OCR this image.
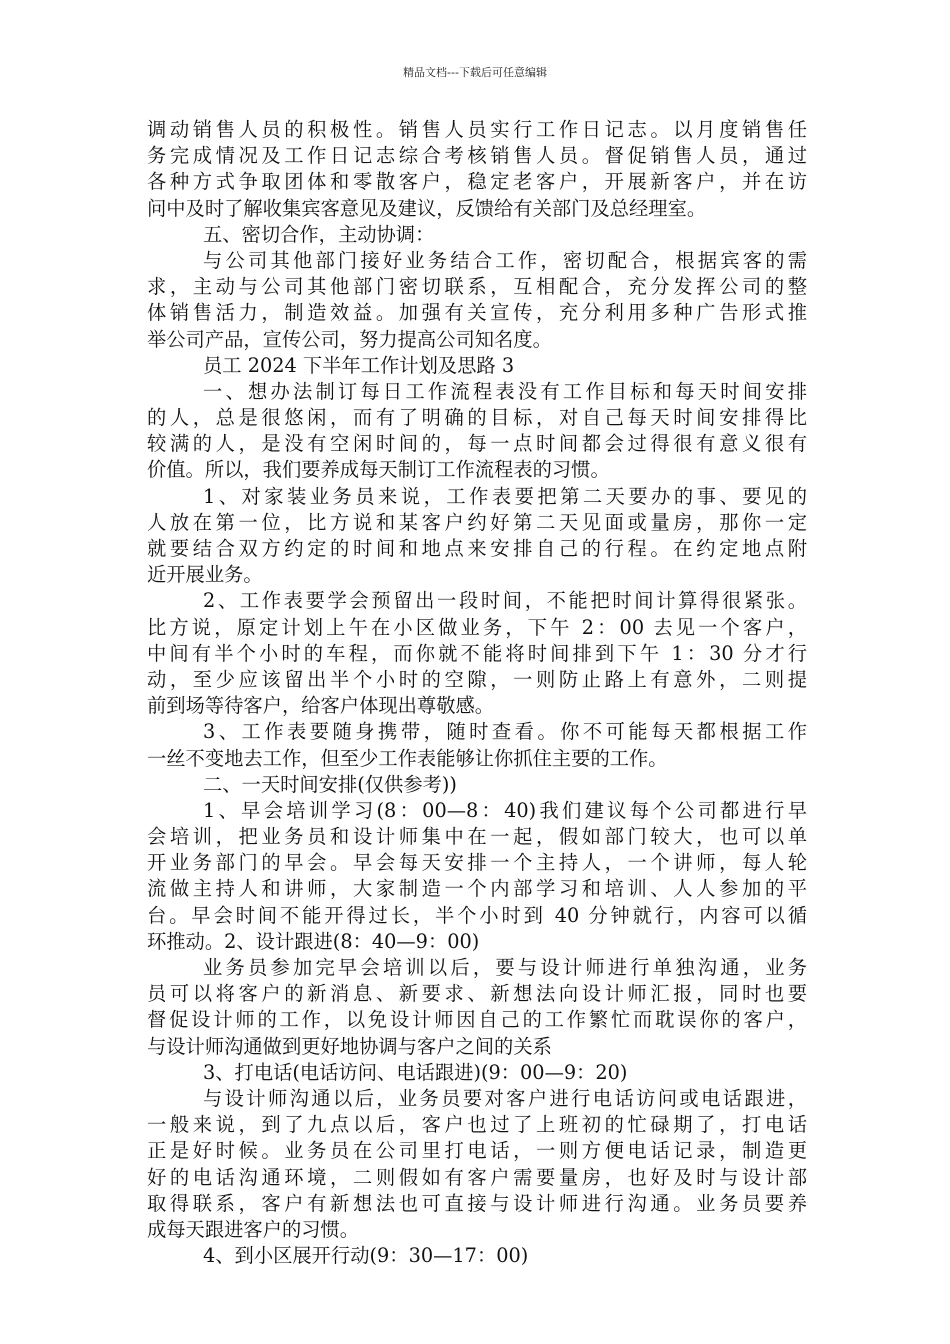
精品文档---下载后可任意编辑
调动销售人员的积极性。销售人员实行工作日记志。以月度销售任
务完成情况及工作日记志综合考核销售人员。督促销售人员，通过
各种方式争取团体和零散客户，稳定老客户，开展新客户，并在访
问中及时了解收集宾客意见及建议，反馈给有关部门及总经理室。
五、密切合作，主动协调：
与公司其他部门接好业务结合工作，密切配合，根据宾客的需
求，主动与公司其他部门密切联系，互相配合，充分发挥公司的整
体销售活力，制造效益。加强有关宣传，充分利用多种广告形式推
举公司产品，宣传公司，努力提高公司知名度。
员工 2024 下半年工作计划及思路 3
一、想办法制订每日工作流程表没有工作目标和每天时间安排
的人，总是很悠闲，而有了明确的目标，对自己每天时间安排得比
较满的人，是没有空闲时间的，每一点时间都会过得很有意义很有
价值。所以，我们要养成每天制订工作流程表的习惯。
1、对家装业务员来说，工作表要把第二天要办的事、要见的
人放在第一位，比方说和某客户约好第二天见面或量房，那你一定
就要结合双方约定的时间和地点来安排自己的行程。在约定地点附
近开展业务。
2、工作表要学会预留出一段时间，不能把时间计算得很紧张。
比方说，原定计划上午在小区做业务，下午 2：00 去见一个客户，
中间有半个小时的车程，而你就不能将时间排到下午 1：30 分才行
动，至少应该留出半个小时的空隙，一则防止路上有意外，二则提
前到场等待客户，给客户体现出尊敬感。
3、工作表要随身携带，随时查看。你不可能每天都根据工作
一丝不变地去工作，但至少工作表能够让你抓住主要的工作。
二、一天时间安排(仅供参考))
1、早会培训学习(8：00—8：40)我们建议每个公司都进行早
会培训，把业务员和设计师集中在一起，假如部门较大，也可以单
开业务部门的早会。早会每天安排一个主持人，一个讲师，每人轮
流做主持人和讲师，大家制造一个内部学习和培训、人人参加的平
台。早会时间不能开得过长，半个小时到 40 分钟就行，内容可以循
环推动。2、设计跟进(8：40—9：00)
业务员参加完早会培训以后，要与设计师进行单独沟通，业务
员可以将客户的新消息、新要求、新想法向设计师汇报，同时也要
督促设计师的工作，以免设计师因自己的工作繁忙而耽误你的客户，
与设计师沟通做到更好地协调与客户之间的关系
3、打电话(电话访问、电话跟进)(9：00—9：20)
与设计师沟通以后，业务员要对客户进行电话访问或电话跟进，
一般来说，到了九点以后，客户也过了上班初的忙碌期了，打电话
正是好时候。业务员在公司里打电话，一则方便电话记录，制造更
好的电话沟通环境，二则假如有客户需要量房，也好及时与设计部
取得联系，客户有新想法也可直接与设计师进行沟通。业务员要养
成每天跟进客户的习惯。
4、到小区展开行动(9：30—17：00)
